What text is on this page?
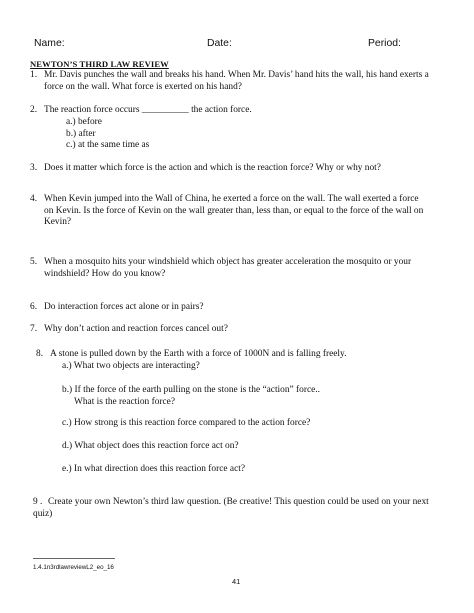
Name:	Date:	Period:
NEWTON’S THIRD LAW REVIEW
1. Mr. Davis punches the wall and breaks his hand. When Mr. Davis’ hand hits the wall, his hand exerts a
force on the wall. What force is exerted on his hand?
2. The reaction force occurs __________ the action force.
a.) before
b.) after
c.) at the same time as
3. Does it matter which force is the action and which is the reaction force? Why or why not?
4. When Kevin jumped into the Wall of China, he exerted a force on the wall. The wall exerted a force
on Kevin. Is the force of Kevin on the wall greater than, less than, or equal to the force of the wall on
Kevin?
5. When a mosquito hits your windshield which object has greater acceleration the mosquito or your
windshield? How do you know?
6. Do interaction forces act alone or in pairs?
7. Why don’t action and reaction forces cancel out?
8. A stone is pulled down by the Earth with a force of 1000N and is falling freely.
a.) What two objects are interacting?
b.) If the force of the earth pulling on the stone is the “action” force..
What is the reaction force?
c.) How strong is this reaction force compared to the action force?
d.) What object does this reaction force act on?
e.) In what direction does this reaction force act?
9 . Create your own Newton’s third law question. (Be creative! This question could be used on your next
quiz)
1.4.1n3rdlawreviewL2_eo_16
41
